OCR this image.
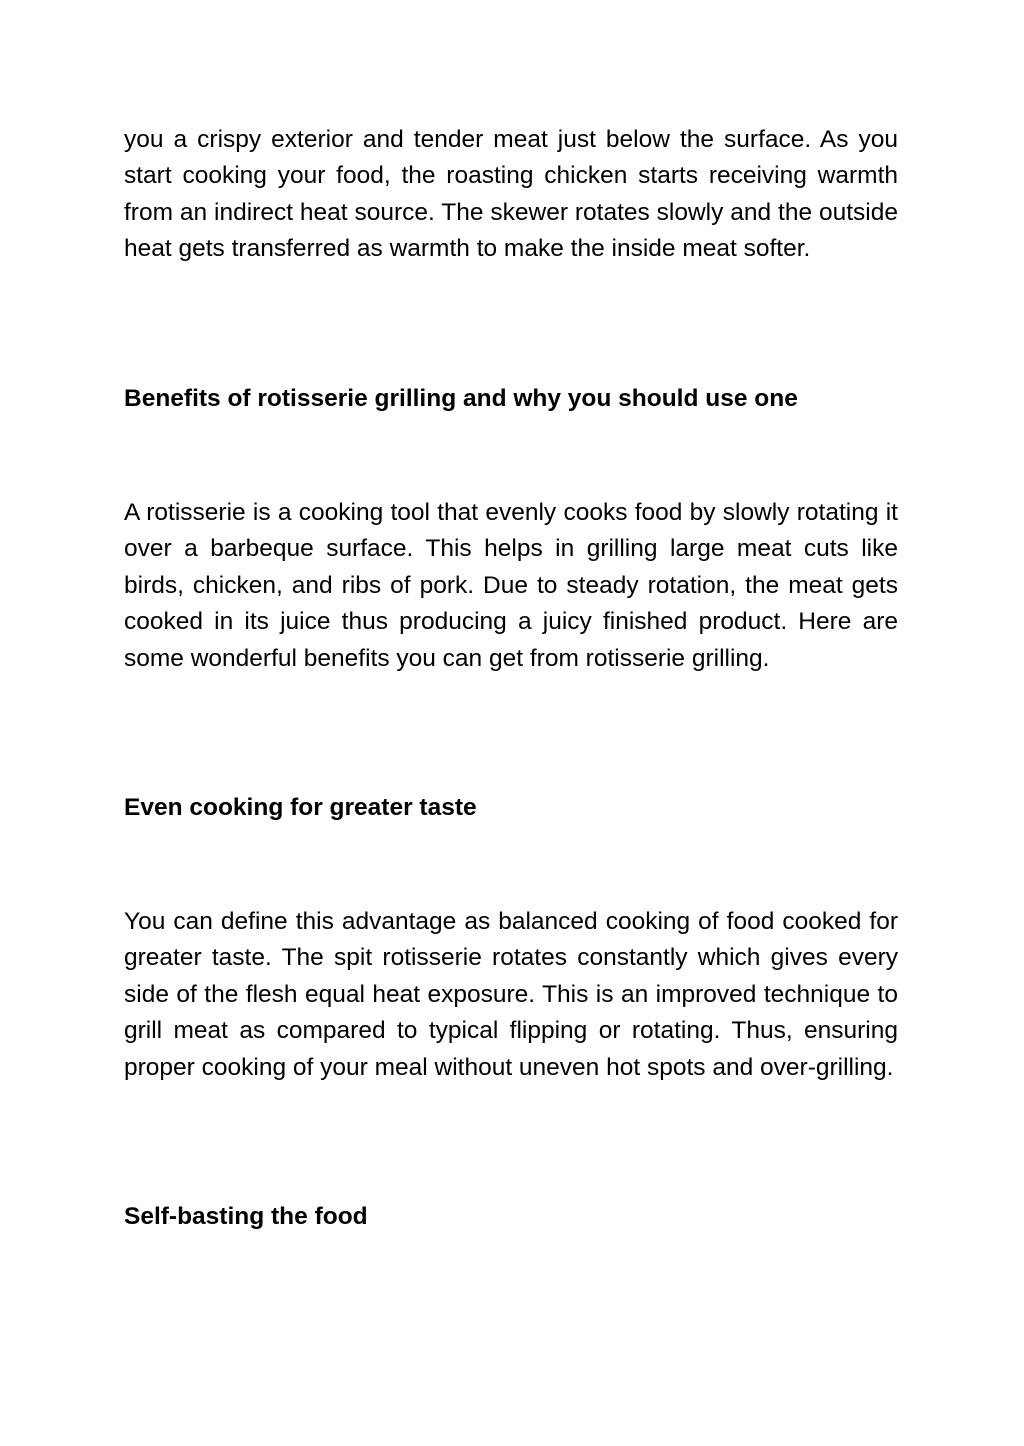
you a crispy exterior and tender meat just below the surface. As you start cooking your food, the roasting chicken starts receiving warmth from an indirect heat source. The skewer rotates slowly and the outside heat gets transferred as warmth to make the inside meat softer.

Benefits of rotisserie grilling and why you should use one

A rotisserie is a cooking tool that evenly cooks food by slowly rotating it over a barbeque surface. This helps in grilling large meat cuts like birds, chicken, and ribs of pork. Due to steady rotation, the meat gets cooked in its juice thus producing a juicy finished product. Here are some wonderful benefits you can get from rotisserie grilling.

Even cooking for greater taste

You can define this advantage as balanced cooking of food cooked for greater taste. The spit rotisserie rotates constantly which gives every side of the flesh equal heat exposure. This is an improved technique to grill meat as compared to typical flipping or rotating. Thus, ensuring proper cooking of your meal without uneven hot spots and over-grilling.

Self-basting the food
